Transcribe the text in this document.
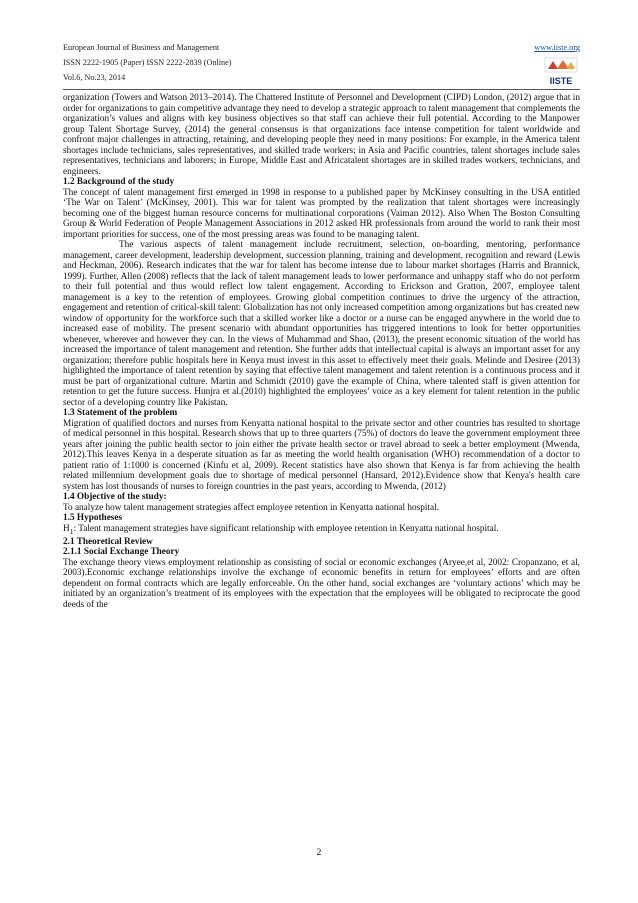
European Journal of Business and Management
ISSN 2222-1905 (Paper) ISSN 2222-2839 (Online)
Vol.6, No.23, 2014
www.iiste.org
IISTE

organization (Towers and Watson 2013–2014). The Chattered Institute of Personnel and Development (CIPD) London, (2012) argue that in order for organizations to gain competitive advantage they need to develop a strategic approach to talent management that complements the organization’s values and aligns with key business objectives so that staff can achieve their full potential. According to the Manpower group Talent Shortage Survey, (2014) the general consensus is that organizations face intense competition for talent worldwide and confront major challenges in attracting, retaining, and developing people they need in many positions: For example, in the America talent shortages include technicians, sales representatives, and skilled trade workers; in Asia and Pacific countries, talent shortages include sales representatives, technicians and laborers; in Europe, Middle East and Africatalent shortages are in skilled trades workers, technicians, and engineers.

1.2 Background of the study

The concept of talent management first emerged in 1998 in response to a published paper by McKinsey consulting in the USA entitled ‘The War on Talent’ (McKinsey, 2001). This war for talent was prompted by the realization that talent shortages were increasingly becoming one of the biggest human resource concerns for multinational corporations (Vaiman 2012). Also When The Boston Consulting Group & World Federation of People Management Associations in 2012 asked HR professionals from around the world to rank their most important priorities for success, one of the most pressing areas was found to be managing talent.

The various aspects of talent management include recruitment, selection, on-boarding, mentoring, performance management, career development, leadership development, succession planning, training and development, recognition and reward (Lewis and Heckman, 2006). Research indicates that the war for talent has become intense due to labour market shortages (Harris and Brannick, 1999). Further, Allen (2008) reflects that the lack of talent management leads to lower performance and unhappy staff who do not perform to their full potential and thus would reflect low talent engagement. According to Erickson and Gratton, 2007, employee talent management is a key to the retention of employees. Growing global competition continues to drive the urgency of the attraction, engagement and retention of critical-skill talent: Globalization has not only increased competition among organizations but has created new window of opportunity for the workforce such that a skilled worker like a doctor or a nurse can be engaged anywhere in the world due to increased ease of mobility. The present scenario with abundant opportunities has triggered intentions to look for better opportunities whenever, wherever and however they can. In the views of Muhammad and Shao, (2013), the present economic situation of the world has increased the importance of talent management and retention. She further adds that intellectual capital is always an important asset for any organization; therefore public hospitals here in Kenya must invest in this asset to effectively meet their goals. Melinde and Desiree (2013) highlighted the importance of talent retention by saying that effective talent management and talent retention is a continuous process and it must be part of organizational culture. Martin and Schmidt (2010) gave the example of China, where talented staff is given attention for retention to get the future success. Hunjra et al.(2010) highlighted the employees’ voice as a key element for talent retention in the public sector of a developing country like Pakistan.

1.3 Statement of the problem

Migration of qualified doctors and nurses from Kenyatta national hospital to the private sector and other countries has resulted to shortage of medical personnel in this hospital. Research shows that up to three quarters (75%) of doctors do leave the government employment three years after joining the public health sector to join either the private health sector or travel abroad to seek a better employment (Mwenda, 2012).This leaves Kenya in a desperate situation as far as meeting the world health organisation (WHO) recommendation of a doctor to patient ratio of 1:1000 is concerned (Kinfu et al, 2009). Recent statistics have also shown that Kenya is far from achieving the health related millennium development goals due to shortage of medical personnel (Hansard, 2012).Evidence show that Kenya's health care system has lost thousands of nurses to foreign countries in the past years, according to Mwenda, (2012)

1.4 Objective of the study:

To analyze how talent management strategies affect employee retention in Kenyatta national hospital.

1.5 Hypotheses

$H_1$: Talent management strategies have significant relationship with employee retention in Kenyatta national hospital.

2.1 Theoretical Review

2.1.1 Social Exchange Theory

The exchange theory views employment relationship as consisting of social or economic exchanges (Aryee,et al, 2002: Cropanzano, et al, 2003).Economic exchange relationships involve the exchange of economic benefits in return for employees’ efforts and are often dependent on formal contracts which are legally enforceable. On the other hand, social exchanges are ‘voluntary actions’ which may be initiated by an organization’s treatment of its employees with the expectation that the employees will be obligated to reciprocate the good deeds of the

2
